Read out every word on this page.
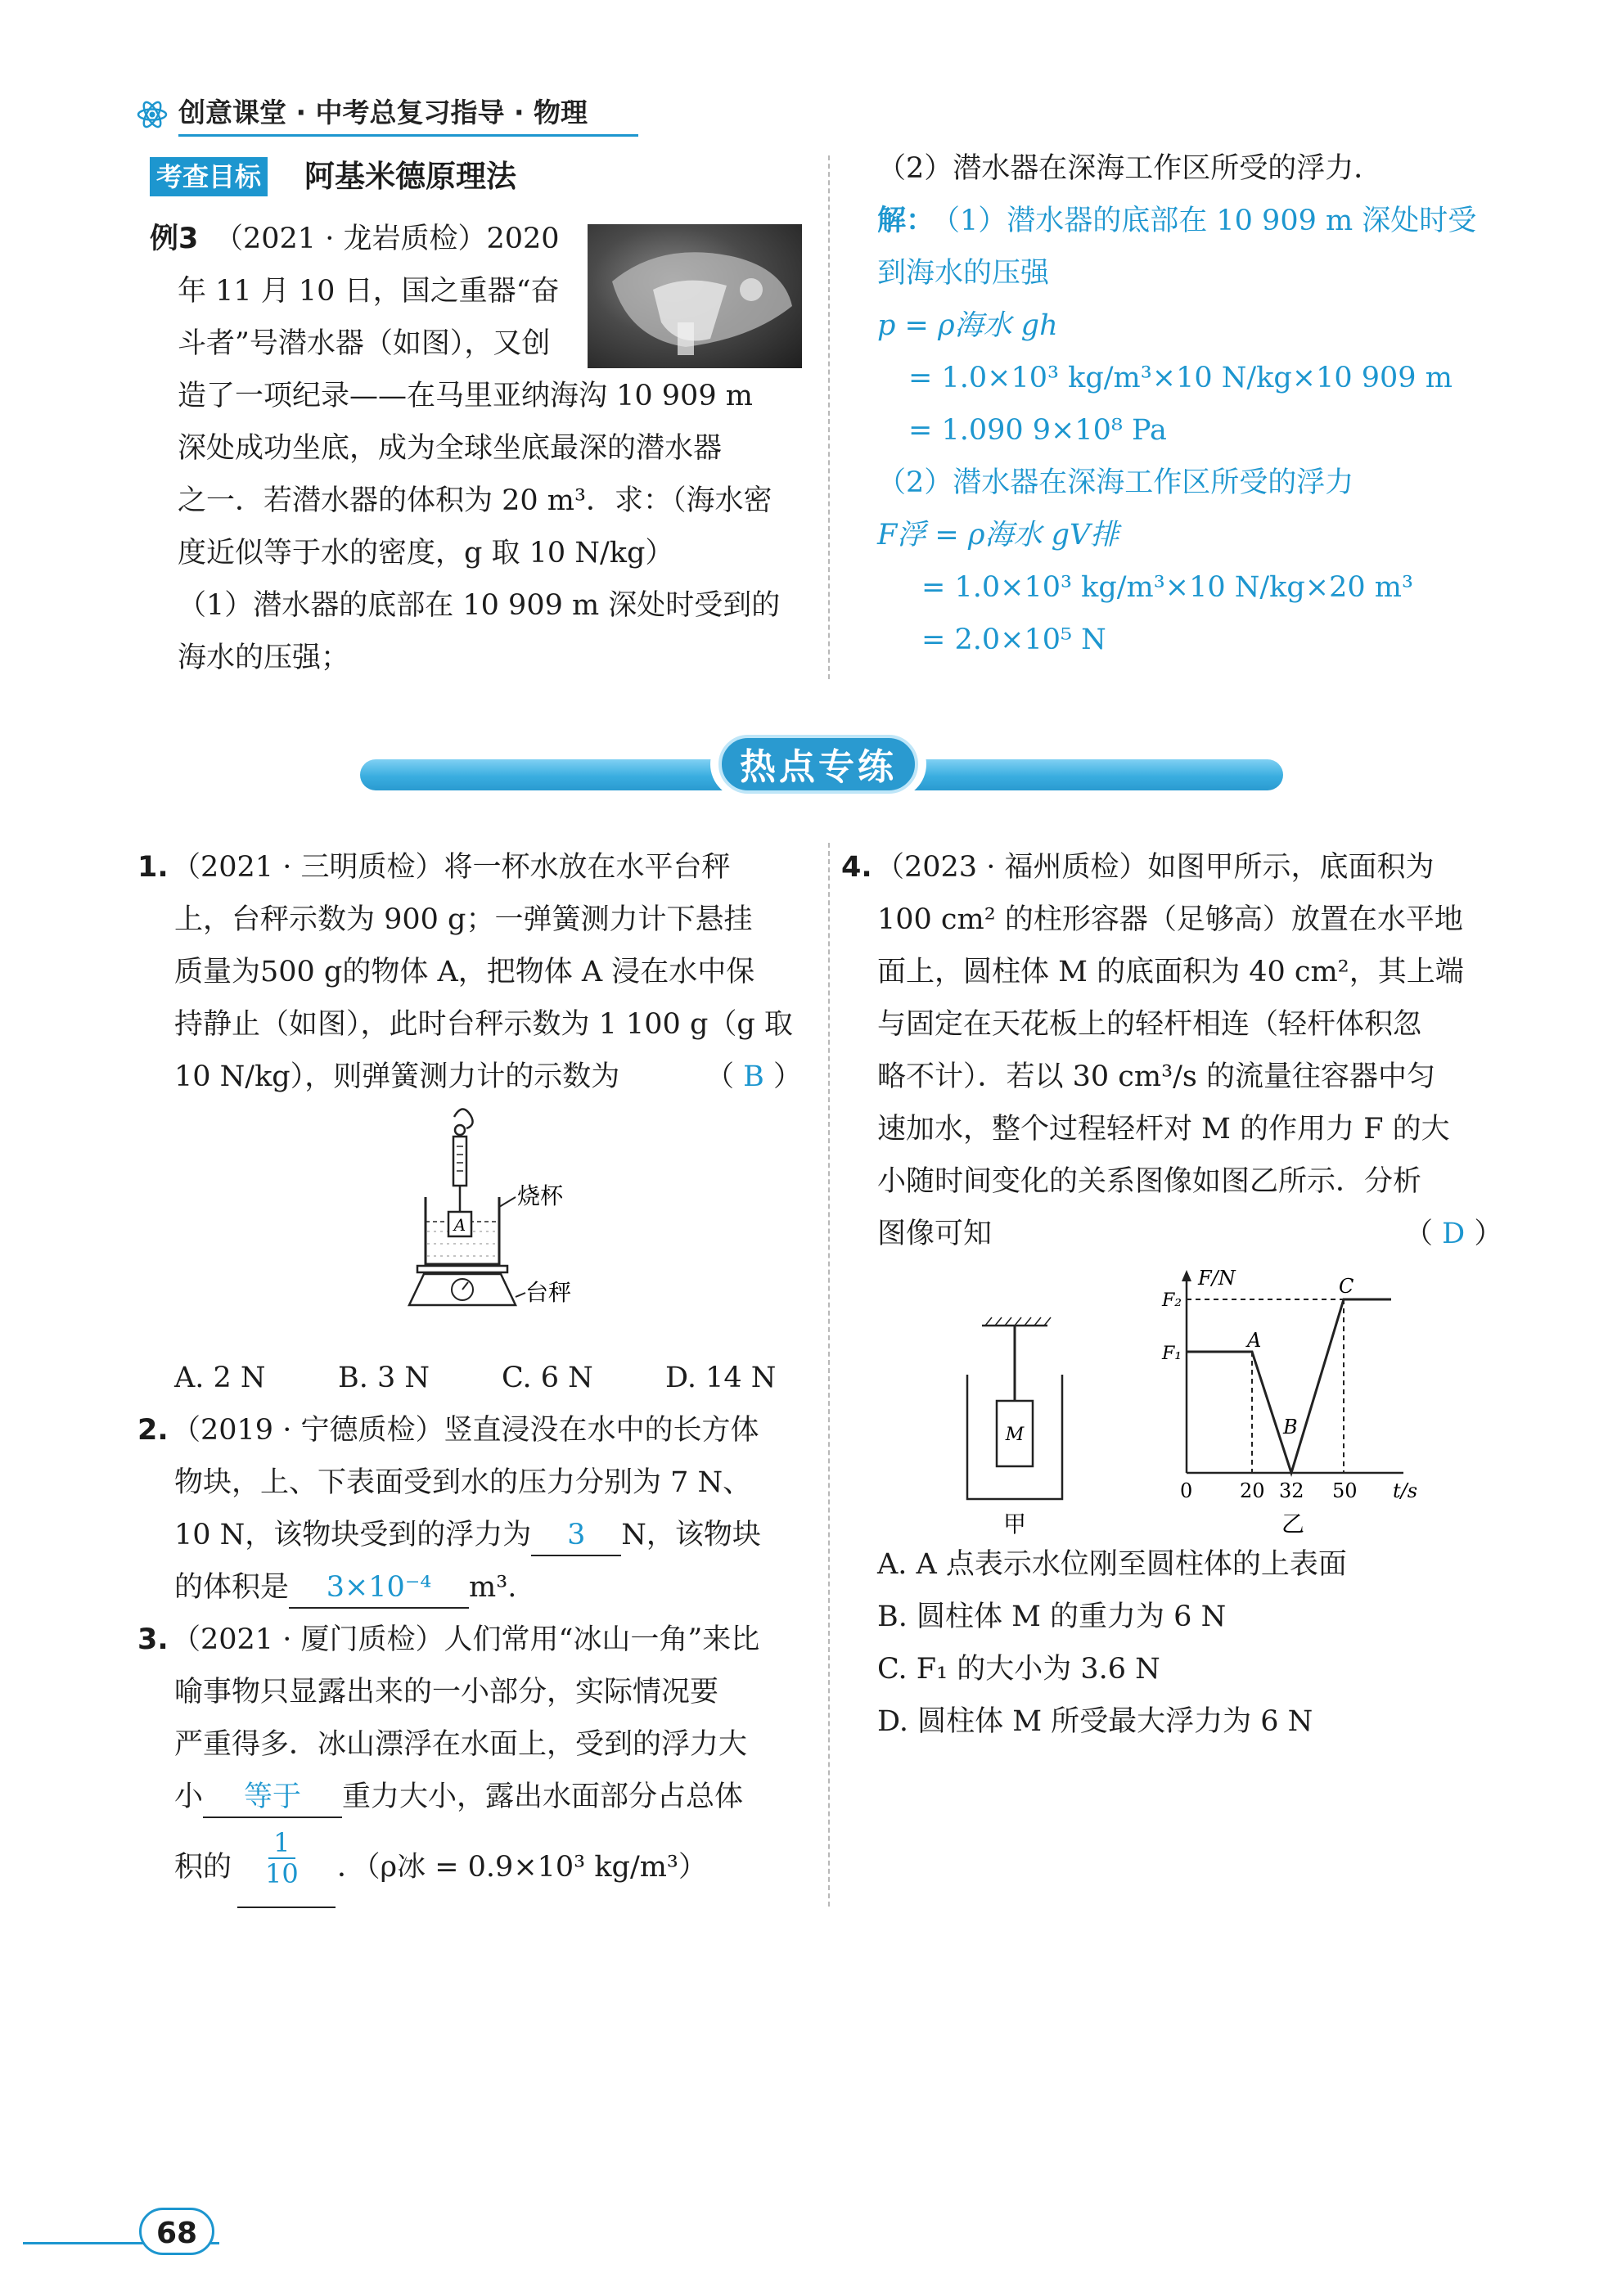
创意课堂 · 中考总复习指导 · 物理
考查目标 阿基米德原理法
例3 （2021 · 龙岩质检）2020
年 11 月 10 日，国之重器“奋
斗者”号潜水器（如图），又创
造了一项纪录——在马里亚纳海沟 10 909 m
深处成功坐底，成为全球坐底最深的潜水器
之一．若潜水器的体积为 20 m³．求：（海水密
度近似等于水的密度，g 取 10 N/kg）
（1）潜水器的底部在 10 909 m 深处时受到的
海水的压强；
（2）潜水器在深海工作区所受的浮力．
解：
（1）潜水器的底部在 10 909 m 深处时受
到海水的压强
p = ρ海水 gh
= 1.0×10³ kg/m³×10 N/kg×10 909 m
= 1.090 9×10⁸ Pa
（2）潜水器在深海工作区所受的浮力
F浮 = ρ海水 gV排
= 1.0×10³ kg/m³×10 N/kg×20 m³
= 2.0×10⁵ N
热点专练
1. （2021 · 三明质检）将一杯水放在水平台秤
上，台秤示数为 900 g；一弹簧测力计下悬挂
质量为500 g的物体 A，把物体 A 浸在水中保
持静止（如图），此时台秤示数为 1 100 g（g 取
10 N/kg），则弹簧测力计的示数为	（ B ）
A
烧杯
台秤
A. 2 N	B. 3 N	C. 6 N	D. 14 N
2. （2019 · 宁德质检）竖直浸没在水中的长方体
物块，上、下表面受到水的压力分别为 7 N、
10 N，该物块受到的浮力为 3 N，该物块
的体积是 3×10⁻⁴ m³.
3. （2021 · 厦门质检）人们常用“冰山一角”来比
喻事物只显露出来的一小部分，实际情况要
严重得多．冰山漂浮在水面上，受到的浮力大
小 等于 重力大小，露出水面部分占总体
积的 $\frac{1}{10}$ ．（ρ冰 = 0.9×10³ kg/m³）
4. （2023 · 福州质检）如图甲所示，底面积为
100 cm² 的柱形容器（足够高）放置在水平地
面上，圆柱体 M 的底面积为 40 cm²，其上端
与固定在天花板上的轻杆相连（轻杆体积忽
略不计）．若以 30 cm³/s 的流量往容器中匀
速加水，整个过程轻杆对 M 的作用力 F 的大
小随时间变化的关系图像如图乙所示．分析
图像可知	（ D ）
M
甲
F/N
t/s
F₂
F₁
A
B
C
0 20 32 50
乙
A. A 点表示水位刚至圆柱体的上表面
B. 圆柱体 M 的重力为 6 N
C. F₁ 的大小为 3.6 N
D. 圆柱体 M 所受最大浮力为 6 N
68
